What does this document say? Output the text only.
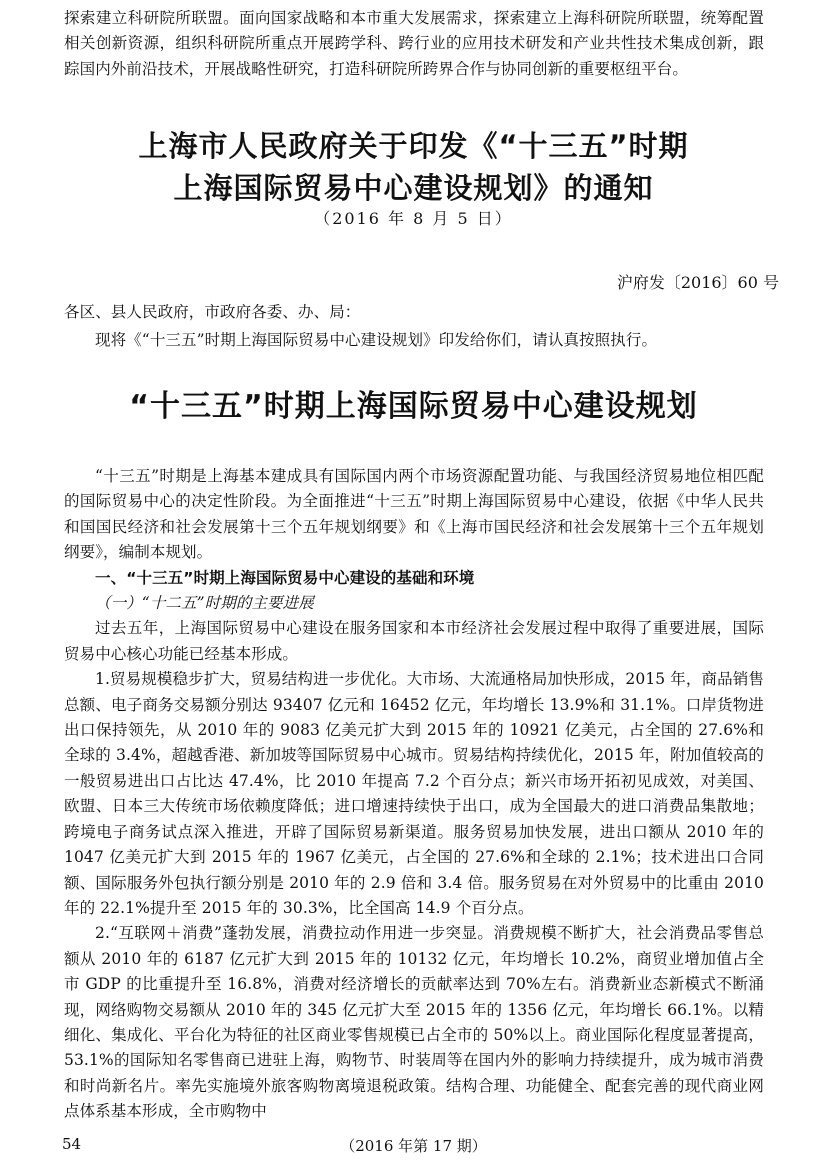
探索建立科研院所联盟。面向国家战略和本市重大发展需求，探索建立上海科研院所联盟，统筹配置相关创新资源，组织科研院所重点开展跨学科、跨行业的应用技术研发和产业共性技术集成创新，跟踪国内外前沿技术，开展战略性研究，打造科研院所跨界合作与协同创新的重要枢纽平台。

上海市人民政府关于印发《“十三五”时期
上海国际贸易中心建设规划》的通知
（2016 年 8 月 5 日）
沪府发〔2016〕60 号

各区、县人民政府，市政府各委、办、局：

现将《“十三五”时期上海国际贸易中心建设规划》印发给你们，请认真按照执行。

“十三五”时期上海国际贸易中心建设规划

“十三五”时期是上海基本建成具有国际国内两个市场资源配置功能、与我国经济贸易地位相匹配的国际贸易中心的决定性阶段。为全面推进“十三五”时期上海国际贸易中心建设，依据《中华人民共和国国民经济和社会发展第十三个五年规划纲要》和《上海市国民经济和社会发展第十三个五年规划纲要》，编制本规划。

一、“十三五”时期上海国际贸易中心建设的基础和环境

（一）“十二五”时期的主要进展

过去五年，上海国际贸易中心建设在服务国家和本市经济社会发展过程中取得了重要进展，国际贸易中心核心功能已经基本形成。

1.贸易规模稳步扩大，贸易结构进一步优化。大市场、大流通格局加快形成，2015 年，商品销售总额、电子商务交易额分别达 93407 亿元和 16452 亿元，年均增长 13.9%和 31.1%。口岸货物进出口保持领先，从 2010 年的 9083 亿美元扩大到 2015 年的 10921 亿美元，占全国的 27.6%和全球的 3.4%，超越香港、新加坡等国际贸易中心城市。贸易结构持续优化，2015 年，附加值较高的一般贸易进出口占比达 47.4%，比 2010 年提高 7.2 个百分点；新兴市场开拓初见成效，对美国、欧盟、日本三大传统市场依赖度降低；进口增速持续快于出口，成为全国最大的进口消费品集散地；跨境电子商务试点深入推进，开辟了国际贸易新渠道。服务贸易加快发展，进出口额从 2010 年的 1047 亿美元扩大到 2015 年的 1967 亿美元，占全国的 27.6%和全球的 2.1%；技术进出口合同额、国际服务外包执行额分别是 2010 年的 2.9 倍和 3.4 倍。服务贸易在对外贸易中的比重由 2010 年的 22.1%提升至 2015 年的 30.3%，比全国高 14.9 个百分点。

2.“互联网＋消费”蓬勃发展，消费拉动作用进一步突显。消费规模不断扩大，社会消费品零售总额从 2010 年的 6187 亿元扩大到 2015 年的 10132 亿元，年均增长 10.2%，商贸业增加值占全市 GDP 的比重提升至 16.8%，消费对经济增长的贡献率达到 70%左右。消费新业态新模式不断涌现，网络购物交易额从 2010 年的 345 亿元扩大至 2015 年的 1356 亿元，年均增长 66.1%。以精细化、集成化、平台化为特征的社区商业零售规模已占全市的 50%以上。商业国际化程度显著提高，53.1%的国际知名零售商已进驻上海，购物节、时装周等在国内外的影响力持续提升，成为城市消费和时尚新名片。率先实施境外旅客购物离境退税政策。结构合理、功能健全、配套完善的现代商业网点体系基本形成，全市购物中

54	（2016 年第 17 期）
